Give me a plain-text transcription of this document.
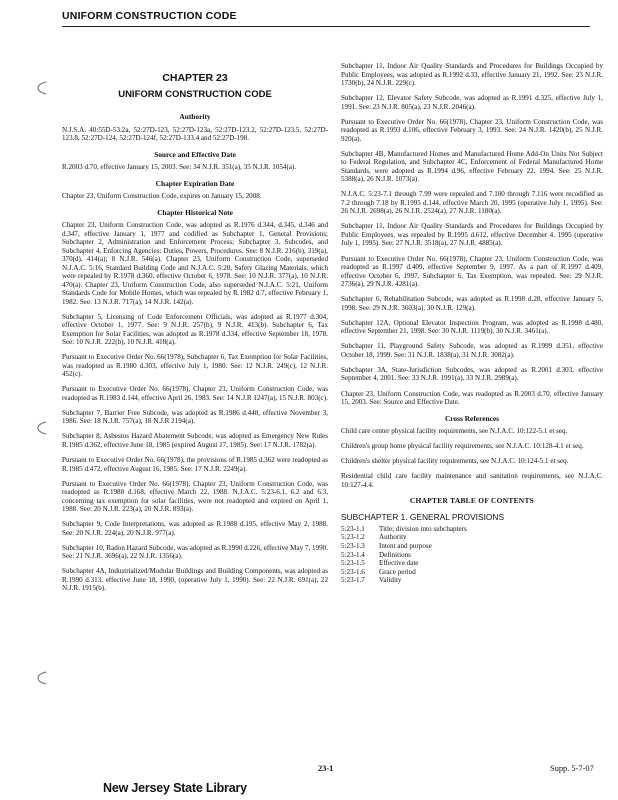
UNIFORM CONSTRUCTION CODE
CHAPTER 23
UNIFORM CONSTRUCTION CODE
Authority

N.J.S.A. 40:55D-53.2a, 52:27D-123, 52:27D-123a, 52:27D-123.2, 52:27D-123.5, 52:27D-123.8, 52:27D-124, 52:27D-124f, 52:27D-133.4 and 52:27D-198.

Source and Effective Date

R.2003 d.70, effective January 15, 2003. See: 34 N.J.R. 351(a), 35 N.J.R. 1054(a).

Chapter Expiration Date

Chapter 23, Uniform Construction Code, expires on January 15, 2008.

Chapter Historical Note

Chapter 23, Uniform Construction Code, was adopted as R.1976 d.344, d.345, d.346 and d.347, effective January 1, 1977 and codified as Subchapter 1, General Provisions; Subchapter 2, Administration and Enforcement Process; Subchapter 3, Subcodes, and Subchapter 4, Enforcing Agencies: Duties, Powers, Procedures. See: 8 N.J.R. 216(b), 319(a), 370(d), 414(a); 8 N.J.R. 546(a). Chapter 23, Uniform Construction Code, superseded N.J.A.C. 5:16, Standard Building Code and N.J.A.C. 5:20, Safety Glazing Materials, which were repealed by R.1978 d.360, effective October 6, 1978. See: 10 N.J.R. 377(a), 10 N.J.R. 470(a). Chapter 23, Uniform Construction Code, also superseded N.J.A.C. 5:21, Uniform Standards Code for Mobile Homes, which was repealed by R.1982 d.7, effective February 1, 1982. See: 13 N.J.R. 717(a), 14 N.J.R. 142(a).

Subchapter 5, Licensing of Code Enforcement Officials, was adopted as R.1977 d.304, effective October 1, 1977. See: 9 N.J.R. 257(b), 9 N.J.R. 413(b). Subchapter 6, Tax Exemption for Solar Facilities, was adopted as R.1978 d.334, effective September 18, 1978. See: 10 N.J.R. 222(b), 10 N.J.R. 418(a).

Pursuant to Executive Order No. 66(1978), Subchapter 6, Tax Exemption for Solar Facilities, was readopted as R.1980 d.303, effective July 1, 1980. See: 12 N.J.R. 249(c), 12 N.J.R. 452(c).

Pursuant to Executive Order No. 66(1978), Chapter 23, Uniform Construction Code, was readopted as R.1983 d.144, effective April 26, 1983. See: 14 N.J.R 1247(a), 15 N.J.R. 803(c).

Subchapter 7, Barrier Free Subcode, was adopted as R.1986 d.448, effective November 3, 1986. See: 18 N.J.R. 757(a), 18 N.J.R 2194(a).

Subchapter 8, Asbestos Hazard Abatement Subcode, was adopted as Emergency New Rules R.1985 d.362, effective June 18, 1985 (expired August 17, 1985). See: 17 N.J.R. 1782(a).

Pursuant to Executive Order No. 66(1978), the provisions of R.1985 d.362 were readopted as R.1985 d.472, effective August 16, 1985. See: 17 N.J.R. 2249(a).

Pursuant to Executive Order No. 66(1978), Chapter 23, Uniform Construction Code, was readopted as R.1988 d.168, effective March 22, 1988. N.J.A.C. 5:23-6.1, 6.2 and 6.3, concerning tax exemption for solar facilities, were not readopted and expired on April 1, 1988. See: 20 N.J.R. 223(a), 20 N.J.R. 893(a).

Subchapter 9, Code Interpretations, was adopted as R.1988 d.195, effective May 2, 1988. See: 20 N.J.R. 224(a), 20 N.J.R. 977(a).

Subchapter 10, Radon Hazard Subcode, was adopted as R.1990 d.226, effective May 7, 1990. See: 21 N.J.R. 3696(a), 22 N.J.R. 1356(a).

Subchapter 4A, Industrialized/Modular Buildings and Building Components, was adopted as R.1990 d.313, effective June 18, 1990, (operative July 1, 1990). See: 22 N.J.R. 691(a), 22 N.J.R. 1915(b).

Subchapter 11, Indoor Air Quality Standards and Procedures for Buildings Occupied by Public Employees, was adopted as R.1992 d.33, effective January 21, 1992. See: 23 N.J.R. 1730(b), 24 N.J.R. 229(c).

Subchapter 12, Elevator Safety Subcode, was adopted as R.1991 d.325, effective July 1, 1991. See: 23 N.J.R. 805(a), 23 N.J.R. 2046(a).

Pursuant to Executive Order No. 66(1978), Chapter 23, Uniform Construction Code, was readopted as R.1993 d.106, effective February 3, 1993. See: 24 N.J.R. 1420(b), 25 N.J.R. 920(a).

Subchapter 4B, Manufactured Homes and Manufactured Home Add-On Units Not Subject to Federal Regulation, and Subchapter 4C, Enforcement of Federal Manufactured Home Standards, were adopted as R.1994 d.96, effective February 22, 1994. See: 25 N.J.R. 5388(a), 26 N.J.R. 1073(a).

N.J.A.C. 5:23-7.1 through 7.99 were repealed and 7.100 through 7.116 were recodified as 7.2 through 7.18 by R.1995 d.144, effective March 20, 1995 (operative July 1, 1995). See: 26 N.J.R. 2698(a), 26 N.J.R. 2524(a), 27 N.J.R. 1180(a).

Subchapter 11, Indoor Air Quality Standards and Procedures for Buildings Occupied by Public Employees, was repealed by R.1995 d.612, effective December 4, 1995 (operative July 1, 1995). See: 27 N.J.R. 3518(a), 27 N.J.R. 4885(a).

Pursuant to Executive Order No. 66(1978), Chapter 23, Uniform Construction Code, was readopted as R.1997 d.409, effective September 9, 1997. As a part of R.1997 d.409, effective October 6, 1997, Subchapter 6, Tax Exemption, was repealed. See: 29 N.J.R. 2736(a), 29 N.J.R. 4281(a).

Subchapter 6, Rehabilitation Subcode, was adopted as R.1998 d.28, effective January 5, 1998. See: 29 N.J.R. 3603(a), 30 N.J.R. 129(a).

Subchapter 12A, Optional Elevator Inspection Program, was adopted as R.1998 d.480, effective September 21, 1998. See: 30 N.J.R. 1119(b), 30 N.J.R. 3461(a).

Subchapter 11, Playground Safety Subcode, was adopted as R.1999 d.351, effective October 18, 1999. See: 31 N.J.R. 1838(a), 31 N.J.R. 3082(a).

Subchapter 3A, State-Jurisdiction Subcodes, was adopted as R.2001 d.303, effective September 4, 2001. See: 33 N.J.R. 1991(a), 33 N.J.R. 2989(a).

Chapter 23, Uniform Construction Code, was readopted as R.2003 d.70, effective January 15, 2003. See: Source and Effective Date.

Cross References

Child care center physical facility requirements, see N.J.A.C. 10:122-5.1 et seq.

Children's group home physical facility requirements, see N.J.A.C. 10:128-4.1 et seq.

Children's shelter physical facility requirements, see N.J.A.C. 10:124-5.1 et seq.

Residential child care facility maintenance and sanitation requirements, see N.J.A.C. 10:127-4.4.

CHAPTER TABLE OF CONTENTS
SUBCHAPTER 1. GENERAL PROVISIONS
5:23-1.1	Title; division into subchapters
5:23-1.2	Authority
5:23-1.3	Intent and purpose
5:23-1.4	Definitions
5:23-1.5	Effective date
5:23-1.6	Grace period
5:23-1.7	Validity
23-1	Supp. 5-7-07
New Jersey State Library
